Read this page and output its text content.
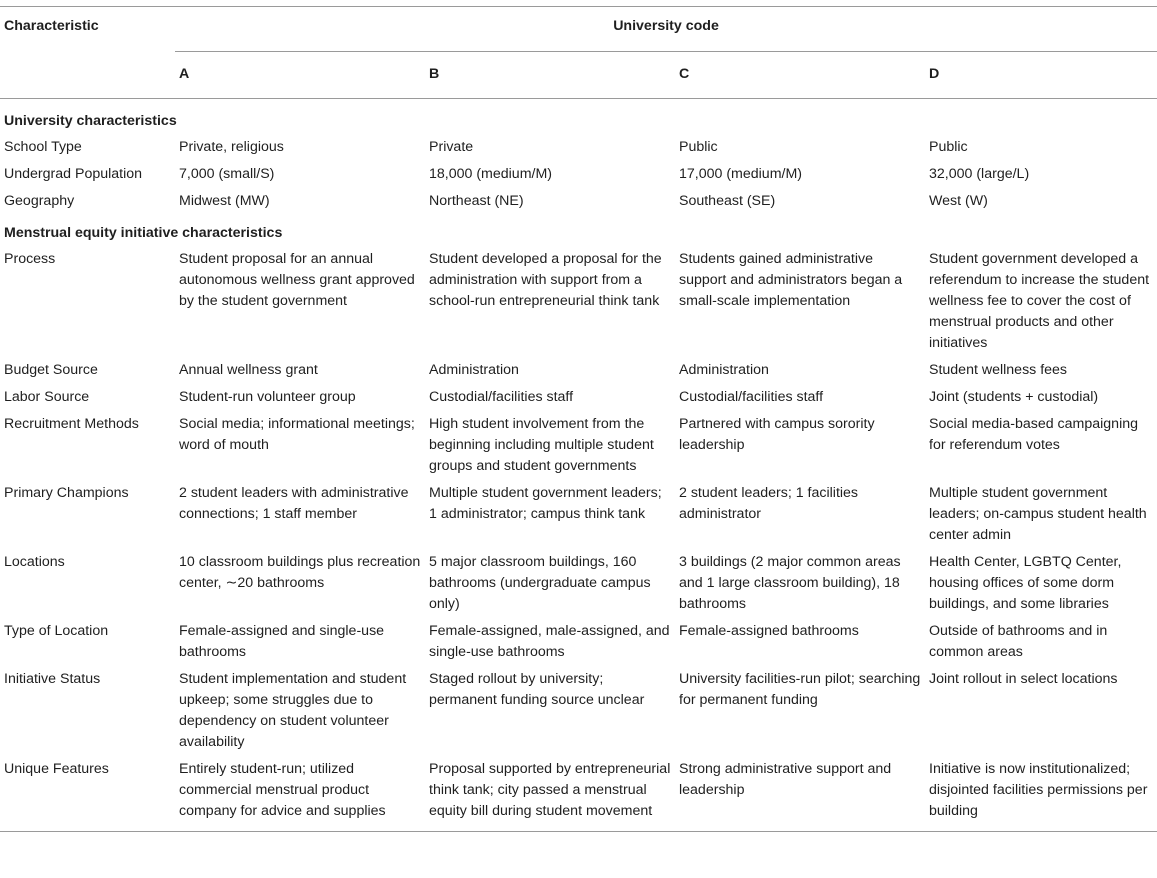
Characteristic	University code			
	A	B	C	D
University characteristics				
School Type	Private, religious	Private	Public	Public
Undergrad Population	7,000 (small/S)	18,000 (medium/M)	17,000 (medium/M)	32,000 (large/L)
Geography	Midwest (MW)	Northeast (NE)	Southeast (SE)	West (W)
Menstrual equity initiative characteristics				
Process	Student proposal for an annual autonomous wellness grant approved by the student government	Student developed a proposal for the administration with support from a school-run entrepreneurial think tank	Students gained administrative support and administrators began a small-scale implementation	Student government developed a referendum to increase the student wellness fee to cover the cost of menstrual products and other initiatives
Budget Source	Annual wellness grant	Administration	Administration	Student wellness fees
Labor Source	Student-run volunteer group	Custodial/facilities staff	Custodial/facilities staff	Joint (students + custodial)
Recruitment Methods	Social media; informational meetings; word of mouth	High student involvement from the beginning including multiple student groups and student governments	Partnered with campus sorority leadership	Social media-based campaigning for referendum votes
Primary Champions	2 student leaders with administrative connections; 1 staff member	Multiple student government leaders; 1 administrator; campus think tank	2 student leaders; 1 facilities administrator	Multiple student government leaders; on-campus student health center admin
Locations	10 classroom buildings plus recreation center, ∼20 bathrooms	5 major classroom buildings, 160 bathrooms (undergraduate campus only)	3 buildings (2 major common areas and 1 large classroom building), 18 bathrooms	Health Center, LGBTQ Center, housing offices of some dorm buildings, and some libraries
Type of Location	Female-assigned and single-use bathrooms	Female-assigned, male-assigned, and single-use bathrooms	Female-assigned bathrooms	Outside of bathrooms and in common areas
Initiative Status	Student implementation and student upkeep; some struggles due to dependency on student volunteer availability	Staged rollout by university; permanent funding source unclear	University facilities-run pilot; searching for permanent funding	Joint rollout in select locations
Unique Features	Entirely student-run; utilized commercial menstrual product company for advice and supplies	Proposal supported by entrepreneurial think tank; city passed a menstrual equity bill during student movement	Strong administrative support and leadership	Initiative is now institutionalized; disjointed facilities permissions per building
